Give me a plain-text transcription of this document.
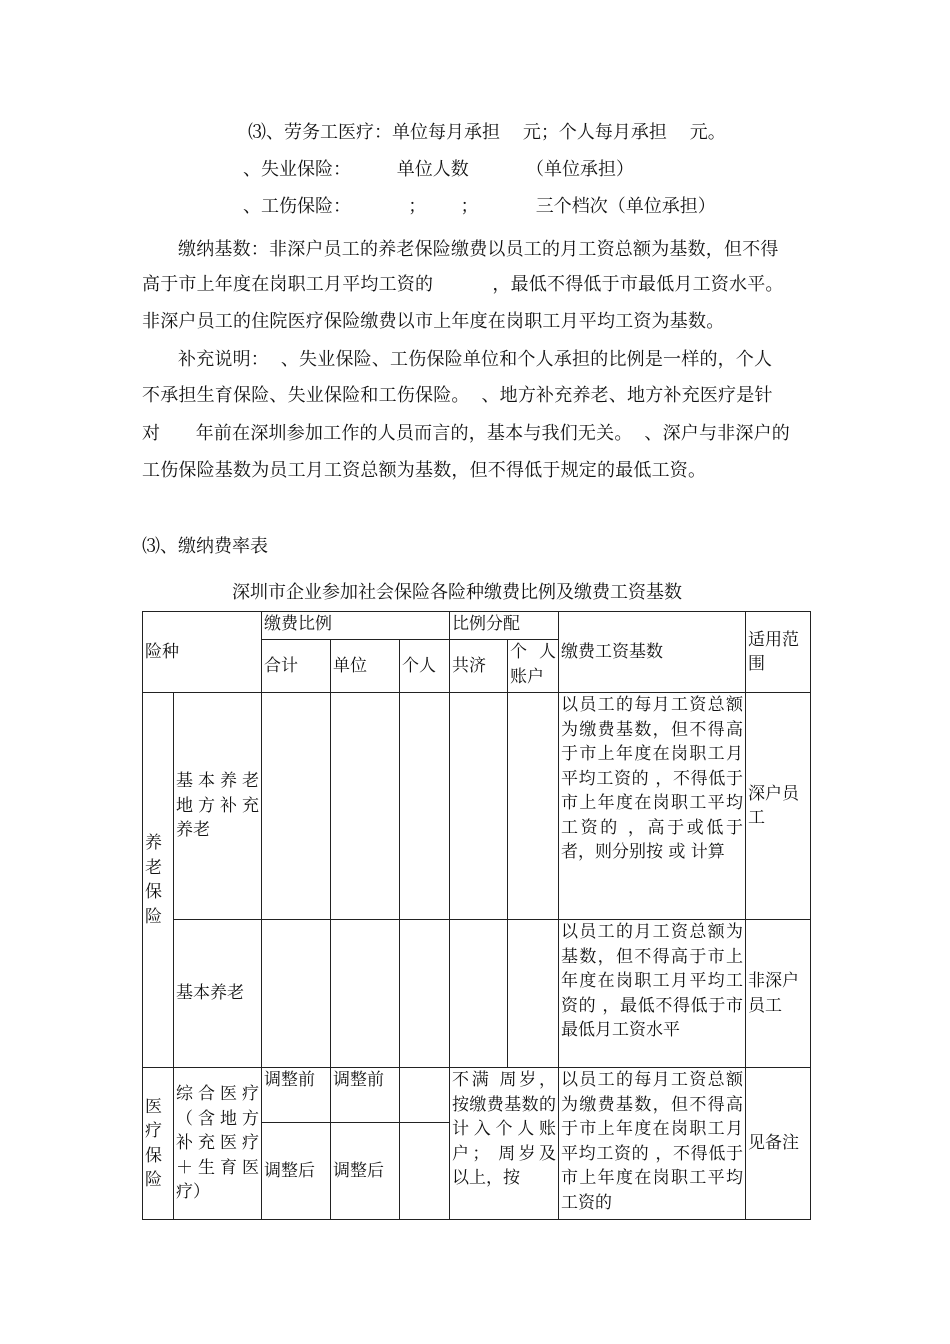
⑶、劳务工医疗：单位每月承担    元；个人每月承担    元。
、失业保险：        单位人数          （单位承担）
、工伤保险：          ；      ；          三个档次（单位承担）
缴纳基数：非深户员工的养老保险缴费以员工的月工资总额为基数，但不得
高于市上年度在岗职工月平均工资的          ，最低不得低于市最低月工资水平。
非深户员工的住院医疗保险缴费以市上年度在岗职工月平均工资为基数。
补充说明：  、失业保险、工伤保险单位和个人承担的比例是一样的，个人
不承担生育保险、失业保险和工伤保险。  、地方补充养老、地方补充医疗是针
对      年前在深圳参加工作的人员而言的，基本与我们无关。  、深户与非深户的
工伤保险基数为员工月工资总额为基数，但不得低于规定的最低工资。
⑶、缴纳费率表
深圳市企业参加社会保险各险种缴费比例及缴费工资基数
险种		缴费比例			比例分配		缴费工资基数	适用范围
		合计	单位	个人	共济	个人账户		
养老保险	基本养老地方补充养老						以员工的每月工资总额为缴费基数，但不得高于市上年度在岗职工月平均工资的 ，不得低于市上年度在岗职工平均工资的 ，高于或低于者，则分别按 或 计算	深户员工
	基本养老						以员工的月工资总额为基数，但不得高于市上年度在岗职工月平均工资的 ，最低不得低于市最低月工资水平	非深户员工
医疗保险	综合医疗（含地方补充医疗＋生育医疗）	调整前	调整前		不满 周岁，按缴费基数的 计入个人账户； 周岁及以上，按		以员工的每月工资总额为缴费基数，但不得高于市上年度在岗职工月平均工资的 ，不得低于市上年度在岗职工平均工资的	见备注
		调整后	调整后					
